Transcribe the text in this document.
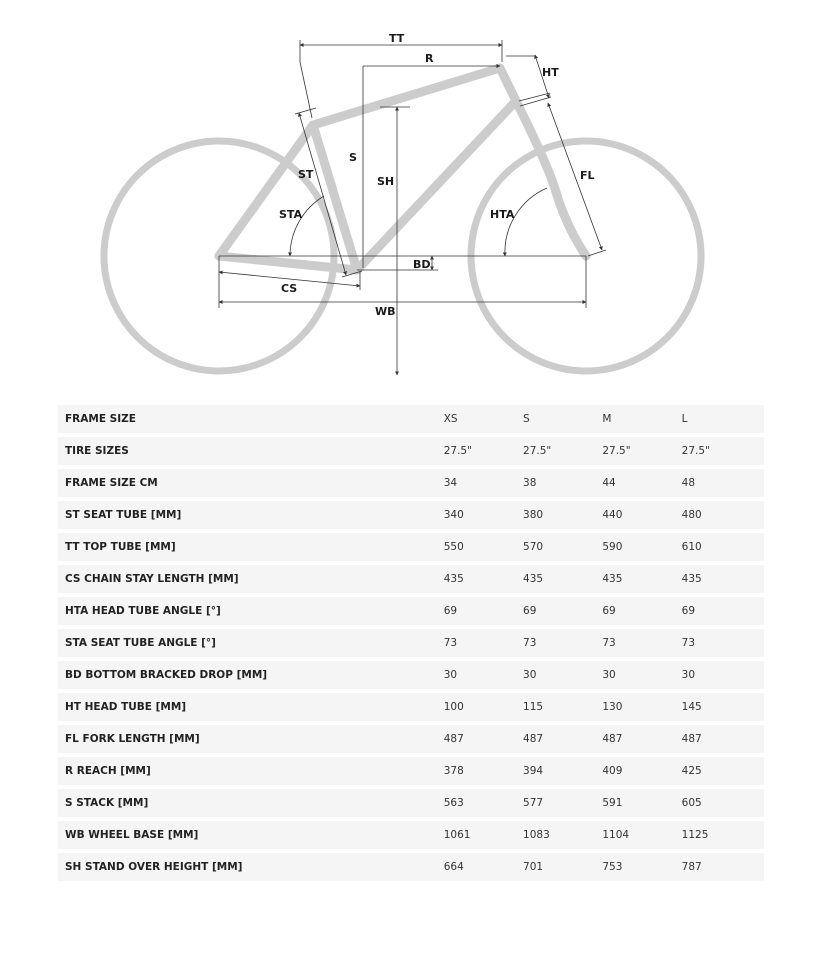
TT
R
HT
S
SH
ST
STA	HTA
FL
BD
CS
WB
FRAME SIZE	XS	S	M	L
TIRE SIZES	27.5"	27.5"	27.5"	27.5"
FRAME SIZE CM	34	38	44	48
ST SEAT TUBE [MM]	340	380	440	480
TT TOP TUBE [MM]	550	570	590	610
CS CHAIN STAY LENGTH [MM]	435	435	435	435
HTA HEAD TUBE ANGLE [°]	69	69	69	69
STA SEAT TUBE ANGLE [°]	73	73	73	73
BD BOTTOM BRACKED DROP [MM]	30	30	30	30
HT HEAD TUBE [MM]	100	115	130	145
FL FORK LENGTH [MM]	487	487	487	487
R REACH [MM]	378	394	409	425
S STACK [MM]	563	577	591	605
WB WHEEL BASE [MM]	1061	1083	1104	1125
SH STAND OVER HEIGHT [MM]	664	701	753	787
